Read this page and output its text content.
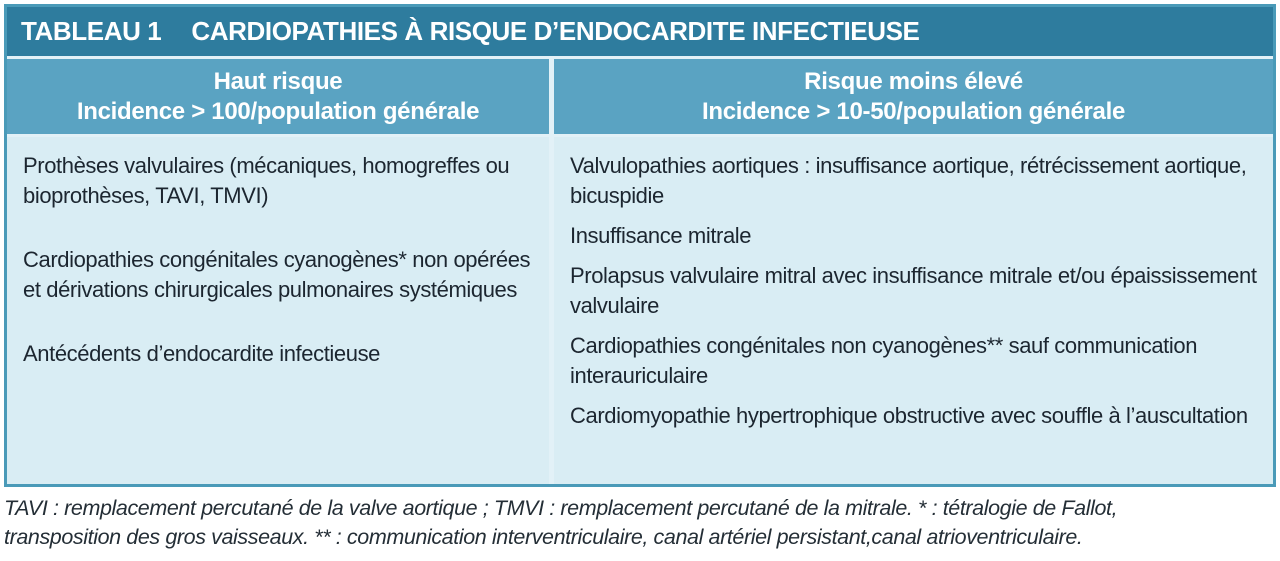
TABLEAU 1 CARDIOPATHIES À RISQUE D’ENDOCARDITE INFECTIEUSE
Haut risque
Incidence > 100/population générale
Risque moins élevé
Incidence > 10-50/population générale

Prothèses valvulaires (mécaniques, homogreffes ou bioprothèses, TAVI, TMVI)

Cardiopathies congénitales cyanogènes* non opérées et dérivations chirurgicales pulmonaires systémiques

Antécédents d’endocardite infectieuse

Valvulopathies aortiques : insuffisance aortique, rétrécissement aortique, bicuspidie

Insuffisance mitrale

Prolapsus valvulaire mitral avec insuffisance mitrale et/ou épaississement valvulaire

Cardiopathies congénitales non cyanogènes** sauf communication interauriculaire

Cardiomyopathie hypertrophique obstructive avec souffle à l’auscultation

TAVI : remplacement percutané de la valve aortique ; TMVI : remplacement percutané de la mitrale. * : tétralogie de Fallot,
transposition des gros vaisseaux. ** : communication interventriculaire, canal artériel persistant,canal atrioventriculaire.
